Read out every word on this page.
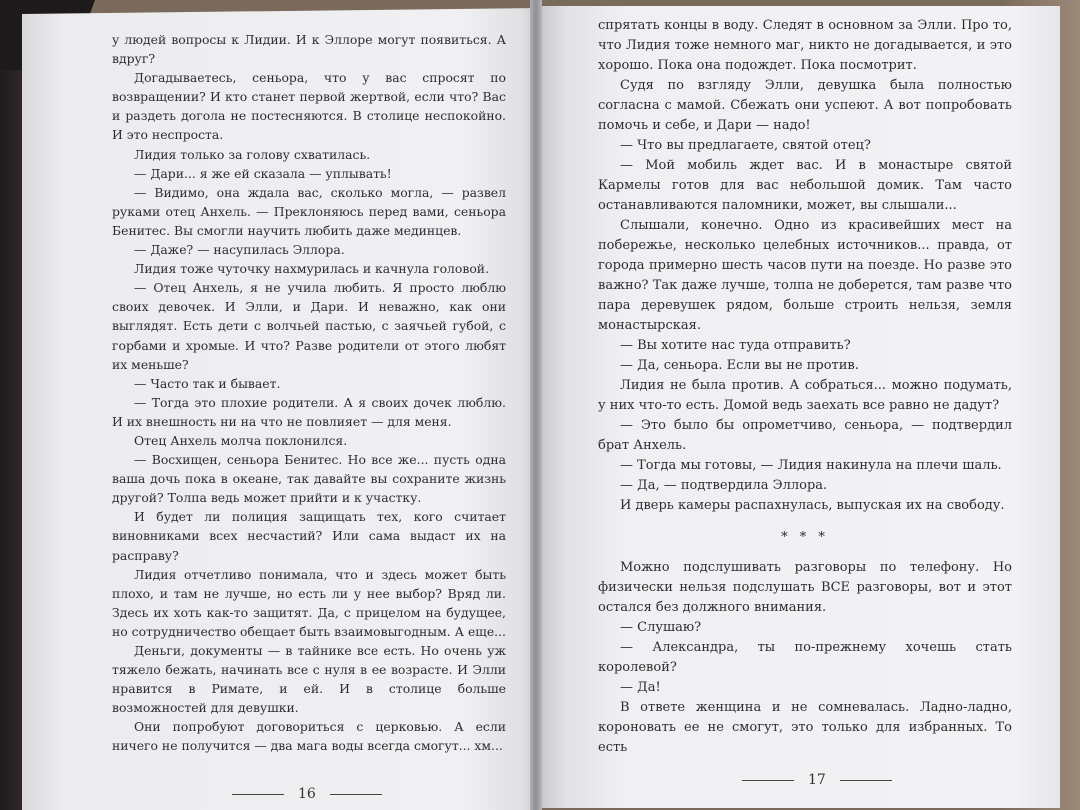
у людей вопросы к Лидии. И к Эллоре могут появиться. А вдруг?

Догадываетесь, сеньора, что у вас спросят по возвращении? И кто станет первой жертвой, если что? Вас и раздеть догола не постесняются. В столице неспокойно. И это неспроста.

Лидия только за голову схватилась.

— Дари... я же ей сказала — уплывать!

— Видимо, она ждала вас, сколько могла, — развел руками отец Анхель. — Преклоняюсь перед вами, сеньора Бенитес. Вы смогли научить любить даже мединцев.

— Даже? — насупилась Эллора.

Лидия тоже чуточку нахмурилась и качнула головой.

— Отец Анхель, я не учила любить. Я просто люблю своих девочек. И Элли, и Дари. И неважно, как они выглядят. Есть дети с волчьей пастью, с заячьей губой, с горбами и хромые. И что? Разве родители от этого любят их меньше?

— Часто так и бывает.

— Тогда это плохие родители. А я своих дочек люблю. И их внешность ни на что не повлияет — для меня.

Отец Анхель молча поклонился.

— Восхищен, сеньора Бенитес. Но все же... пусть одна ваша дочь пока в океане, так давайте вы сохраните жизнь другой? Толпа ведь может прийти и к участку.

И будет ли полиция защищать тех, кого считает виновниками всех несчастий? Или сама выдаст их на расправу?

Лидия отчетливо понимала, что и здесь может быть плохо, и там не лучше, но есть ли у нее выбор? Вряд ли. Здесь их хоть как-то защитят. Да, с прицелом на будущее, но сотрудничество обещает быть взаимовыгодным. А еще...

Деньги, документы — в тайнике все есть. Но очень уж тяжело бежать, начинать все с нуля в ее возрасте. И Элли нравится в Римате, и ей. И в столице больше возможностей для девушки.

Они попробуют договориться с церковью. А если ничего не получится — два мага воды всегда смогут... хм...

спрятать концы в воду. Следят в основном за Элли. Про то, что Лидия тоже немного маг, никто не догадывается, и это хорошо. Пока она подождет. Пока посмотрит.

Судя по взгляду Элли, девушка была полностью согласна с мамой. Сбежать они успеют. А вот попробовать помочь и себе, и Дари — надо!

— Что вы предлагаете, святой отец?

— Мой мобиль ждет вас. И в монастыре святой Кармелы готов для вас небольшой домик. Там часто останавливаются паломники, может, вы слышали...

Слышали, конечно. Одно из красивейших мест на побережье, несколько целебных источников... правда, от города примерно шесть часов пути на поезде. Но разве это важно? Так даже лучше, толпа не доберется, там разве что пара деревушек рядом, больше строить нельзя, земля монастырская.

— Вы хотите нас туда отправить?

— Да, сеньора. Если вы не против.

Лидия не была против. А собраться... можно подумать, у них что-то есть. Домой ведь заехать все равно не дадут?

— Это было бы опрометчиво, сеньора, — подтвердил брат Анхель.

— Тогда мы готовы, — Лидия накинула на плечи шаль.

— Да, — подтвердила Эллора.

И дверь камеры распахнулась, выпуская их на свободу.

* * *

Можно подслушивать разговоры по телефону. Но физически нельзя подслушать ВСЕ разговоры, вот и этот остался без должного внимания.

— Слушаю?

— Александра, ты по-прежнему хочешь стать королевой?

— Да!

В ответе женщина и не сомневалась. Ладно-ладно, короновать ее не смогут, это только для избранных. То есть

16
17
